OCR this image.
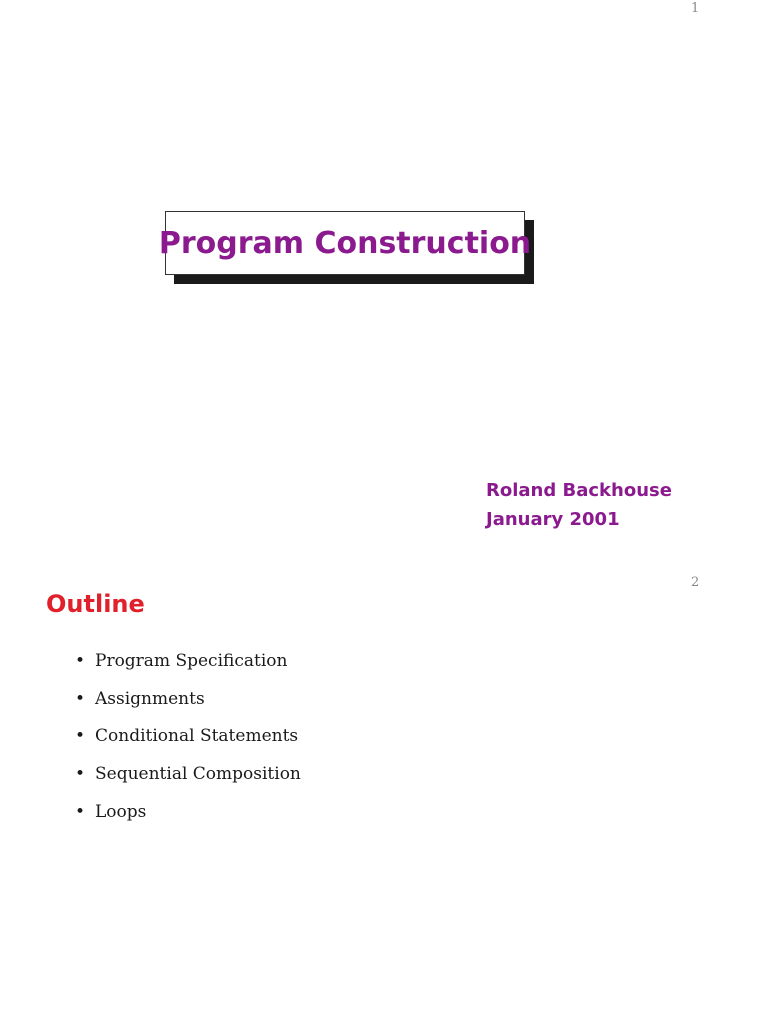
1
Program Construction
Roland Backhouse
January 2001
2
Outline
• Program Specification
• Assignments
• Conditional Statements
• Sequential Composition
• Loops
